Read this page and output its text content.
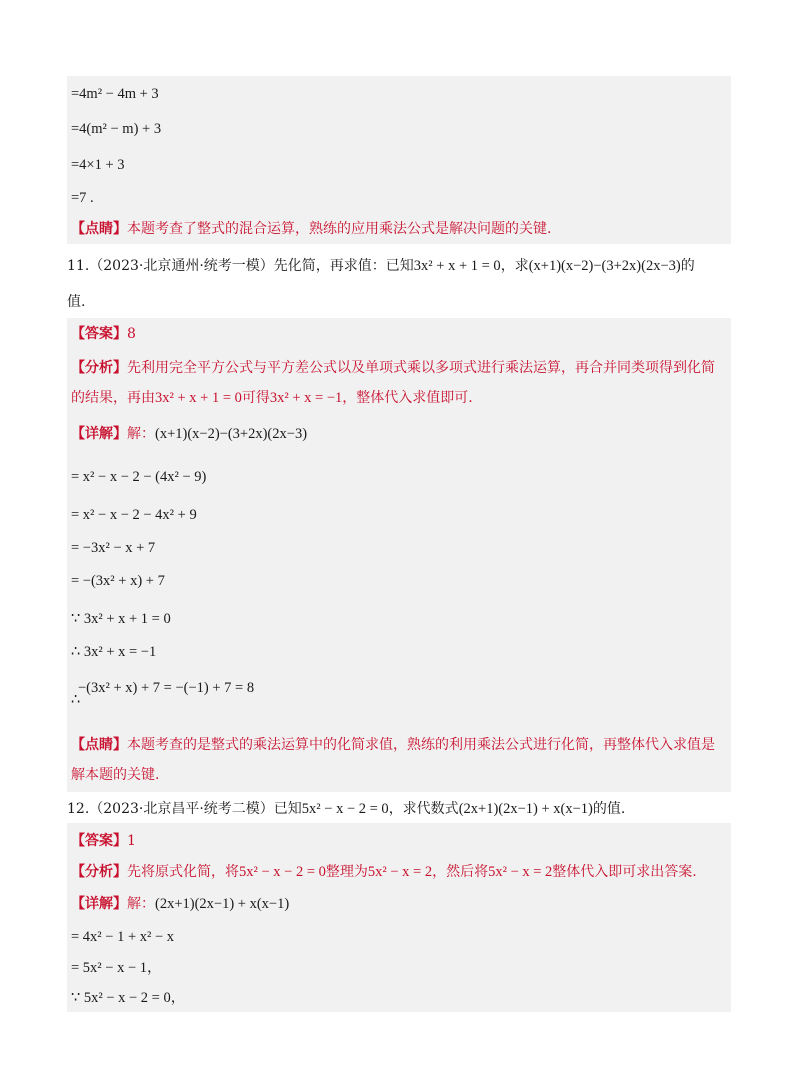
=4m² − 4m + 3
=4(m² − m) + 3
=4×1 + 3
=7 .
【点睛】本题考查了整式的混合运算，熟练的应用乘法公式是解决问题的关键.
11.（2023·北京通州·统考一模）先化简，再求值：已知3x² + x + 1 = 0，求(x+1)(x−2)−(3+2x)(2x−3)的
值.
【答案】8
【分析】先利用完全平方公式与平方差公式以及单项式乘以多项式进行乘法运算，再合并同类项得到化简
的结果，再由3x² + x + 1 = 0可得3x² + x = −1，整体代入求值即可.
【详解】解：(x+1)(x−2)−(3+2x)(2x−3)
= x² − x − 2 − (4x² − 9)
= x² − x − 2 − 4x² + 9
= −3x² − x + 7
= −(3x² + x) + 7
∵ 3x² + x + 1 = 0
∴ 3x² + x = −1
−(3x² + x) + 7 = −(−1) + 7 = 8
∴
【点睛】本题考查的是整式的乘法运算中的化简求值，熟练的利用乘法公式进行化简，再整体代入求值是
解本题的关键.
12.（2023·北京昌平·统考二模）已知5x² − x − 2 = 0，求代数式(2x+1)(2x−1) + x(x−1)的值.
【答案】1
【分析】先将原式化简，将5x² − x − 2 = 0整理为5x² − x = 2，然后将5x² − x = 2整体代入即可求出答案.
【详解】解：(2x+1)(2x−1) + x(x−1)
= 4x² − 1 + x² − x
= 5x² − x − 1，
∵ 5x² − x − 2 = 0，
